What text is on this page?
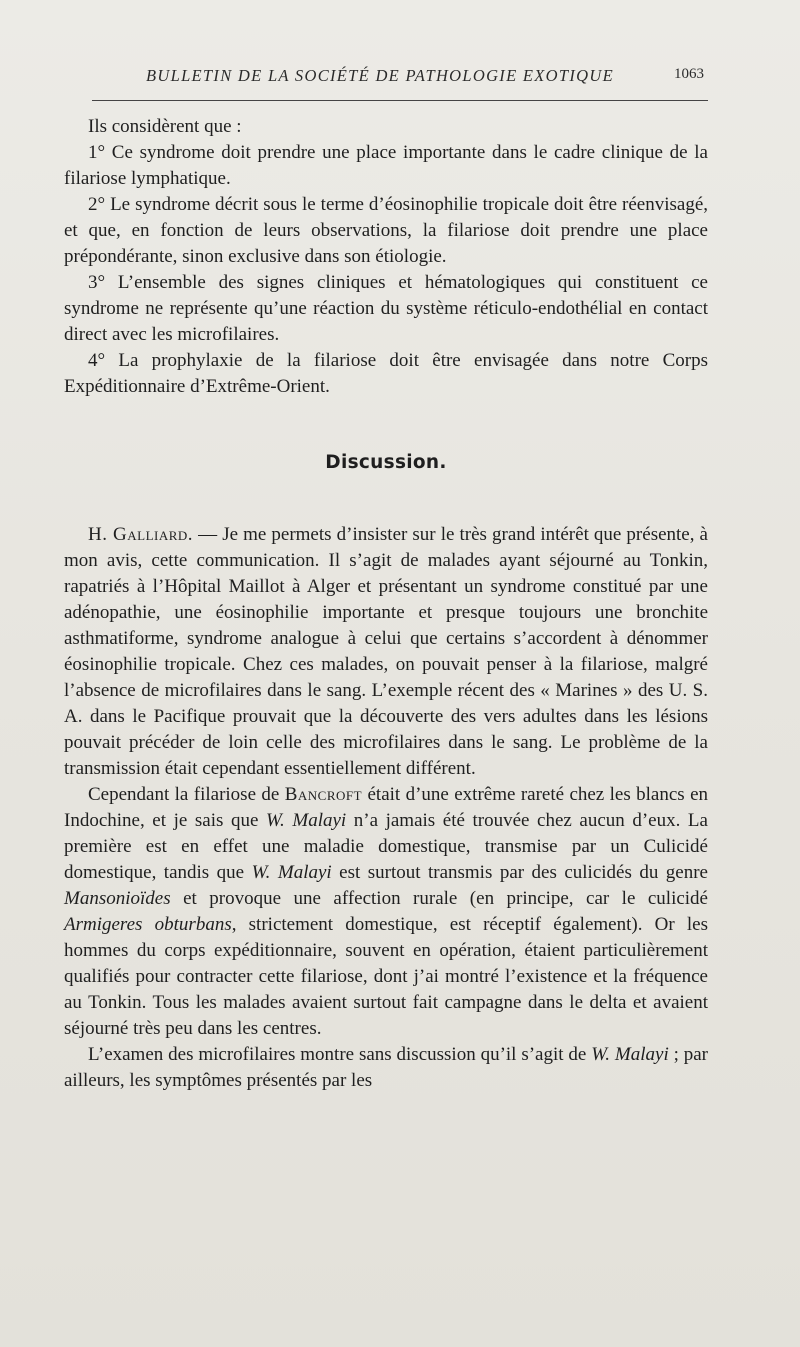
BULLETIN DE LA SOCIÉTÉ DE PATHOLOGIE EXOTIQUE	1063

Ils considèrent que :

1° Ce syndrome doit prendre une place importante dans le cadre clinique de la filariose lymphatique.

2° Le syndrome décrit sous le terme d’éosinophilie tropicale doit être réenvisagé, et que, en fonction de leurs observations, la filariose doit prendre une place prépondérante, sinon exclusive dans son étiologie.

3° L’ensemble des signes cliniques et hématologiques qui constituent ce syndrome ne représente qu’une réaction du système réticulo-endothélial en contact direct avec les microfilaires.

4° La prophylaxie de la filariose doit être envisagée dans notre Corps Expéditionnaire d’Extrême-Orient.

Discussion.

H. Galliard. — Je me permets d’insister sur le très grand intérêt que présente, à mon avis, cette communication. Il s’agit de malades ayant séjourné au Tonkin, rapatriés à l’Hôpital Maillot à Alger et présentant un syndrome constitué par une adénopathie, une éosinophilie importante et presque toujours une bronchite asthmatiforme, syndrome analogue à celui que certains s’accordent à dénommer éosinophilie tropicale. Chez ces malades, on pouvait penser à la filariose, malgré l’absence de microfilaires dans le sang. L’exemple récent des « Marines » des U. S. A. dans le Pacifique prouvait que la découverte des vers adultes dans les lésions pouvait précéder de loin celle des microfilaires dans le sang. Le problème de la transmission était cependant essentiellement différent.

Cependant la filariose de Bancroft était d’une extrême rareté chez les blancs en Indochine, et je sais que W. Malayi n’a jamais été trouvée chez aucun d’eux. La première est en effet une maladie domestique, transmise par un Culicidé domestique, tandis que W. Malayi est surtout transmis par des culicidés du genre Mansonioïdes et provoque une affection rurale (en principe, car le culicidé Armigeres obturbans, strictement domestique, est réceptif également). Or les hommes du corps expéditionnaire, souvent en opération, étaient particulièrement qualifiés pour contracter cette filariose, dont j’ai montré l’existence et la fréquence au Tonkin. Tous les malades avaient surtout fait campagne dans le delta et avaient séjourné très peu dans les centres.

L’examen des microfilaires montre sans discussion qu’il s’agit de W. Malayi ; par ailleurs, les symptômes présentés par les
